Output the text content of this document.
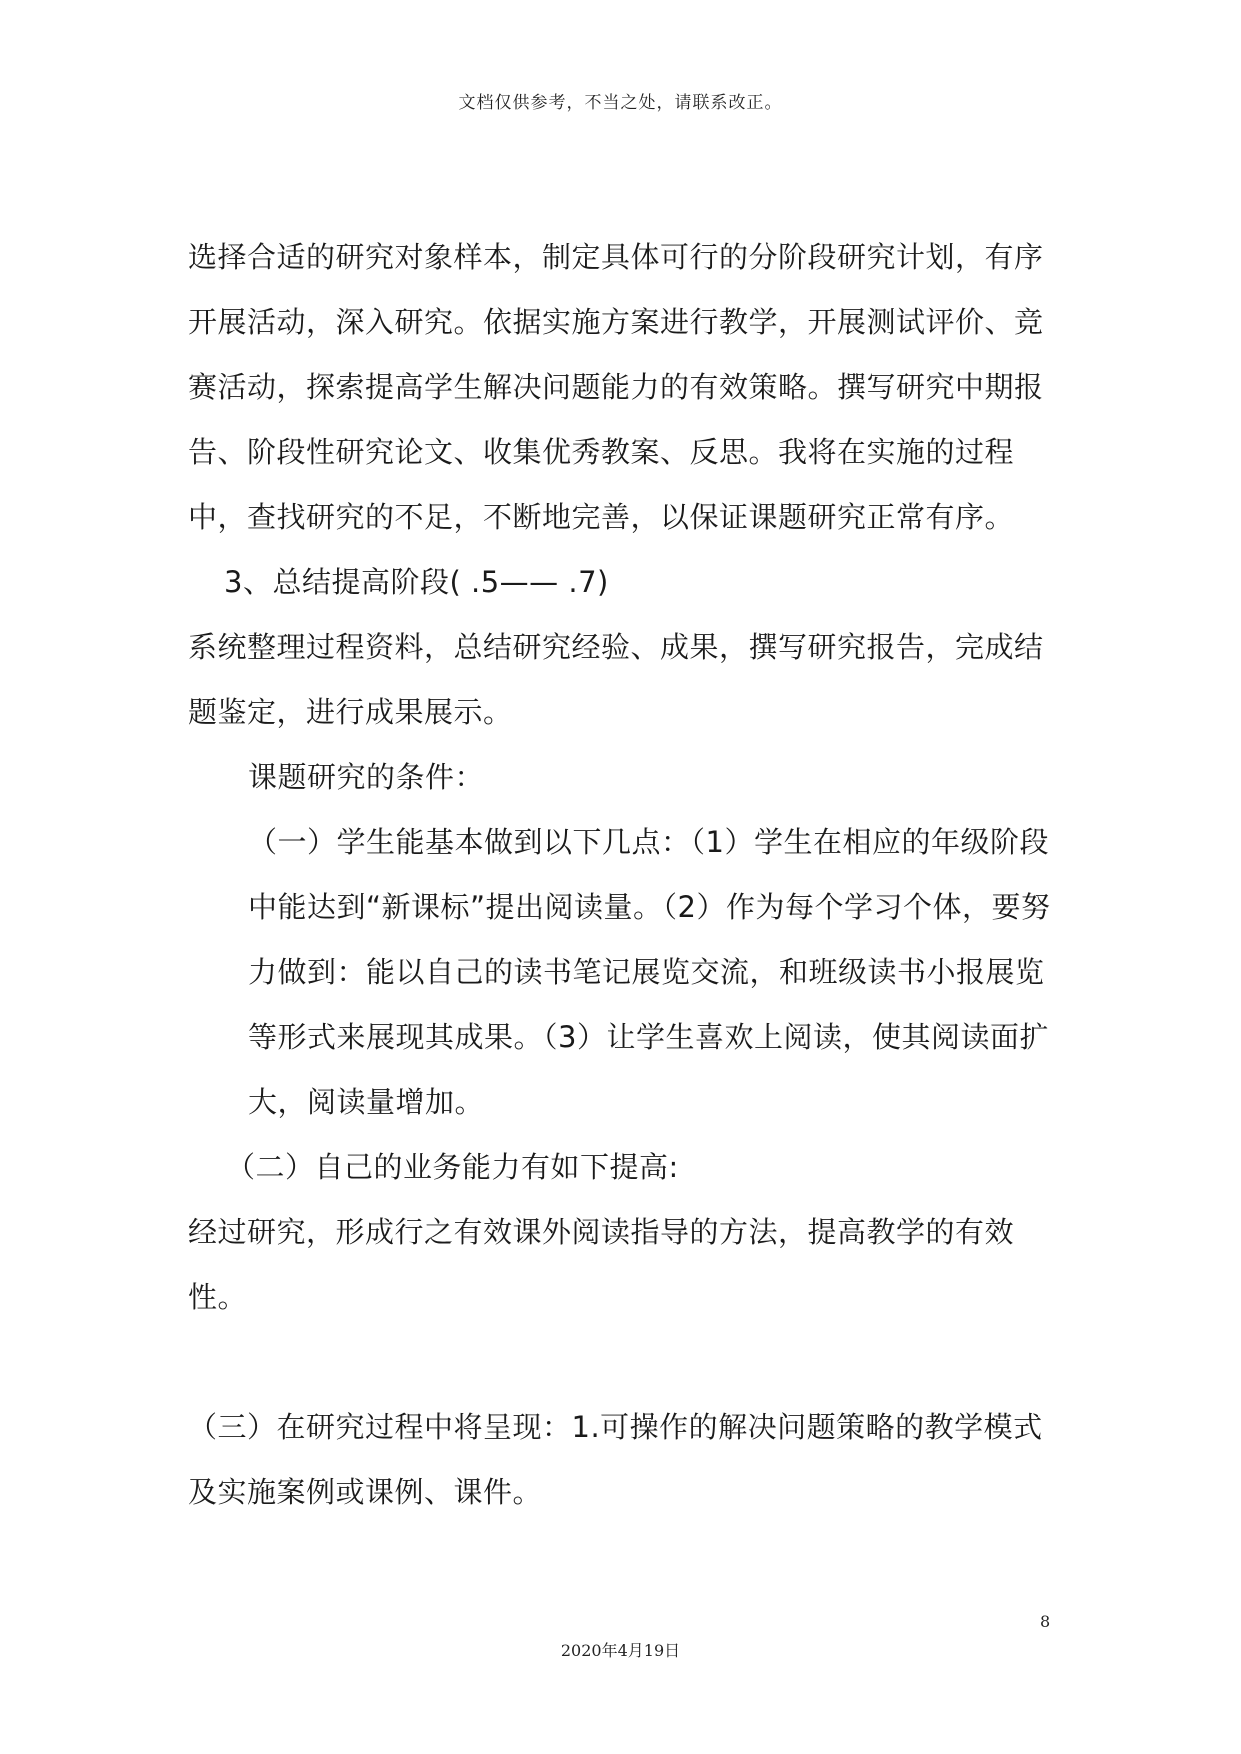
文档仅供参考，不当之处，请联系改正。

选择合适的研究对象样本，制定具体可行的分阶段研究计划，有序开展活动，深入研究。依据实施方案进行教学，开展测试评价、竞赛活动，探索提高学生解决问题能力的有效策略。撰写研究中期报告、阶段性研究论文、收集优秀教案、反思。我将在实施的过程中，查找研究的不足，不断地完善，以保证课题研究正常有序。

3、总结提高阶段( .5—— .7)

系统整理过程资料，总结研究经验、成果，撰写研究报告，完成结题鉴定，进行成果展示。

课题研究的条件：

（一）学生能基本做到以下几点：（1）学生在相应的年级阶段中能达到“新课标”提出阅读量。（2）作为每个学习个体，要努力做到：能以自己的读书笔记展览交流，和班级读书小报展览等形式来展现其成果。（3）让学生喜欢上阅读，使其阅读面扩大，阅读量增加。

（二）自己的业务能力有如下提高:

经过研究，形成行之有效课外阅读指导的方法，提高教学的有效性。

（三）在研究过程中将呈现：1.可操作的解决问题策略的教学模式及实施案例或课例、课件。

8
2020年4月19日
